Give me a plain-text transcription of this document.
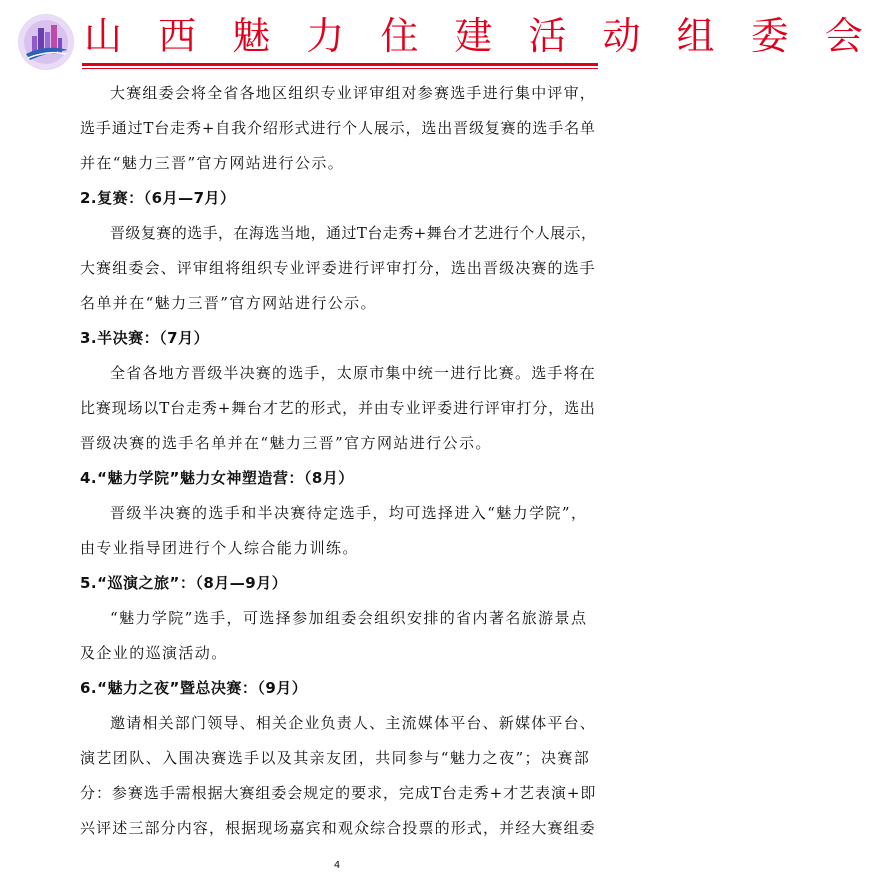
山 西 魅 力 住 建 活 动 组 委 会
大赛组委会将全省各地区组织专业评审组对参赛选手进行集中评审，
选手通过T台走秀+自我介绍形式进行个人展示，选出晋级复赛的选手名单
并在“魅力三晋”官方网站进行公示。
2.复赛：（6月—7月）
晋级复赛的选手，在海选当地，通过T台走秀+舞台才艺进行个人展示，
大赛组委会、评审组将组织专业评委进行评审打分，选出晋级决赛的选手
名单并在“魅力三晋”官方网站进行公示。
3.半决赛：（7月）
全省各地方晋级半决赛的选手，太原市集中统一进行比赛。选手将在
比赛现场以T台走秀+舞台才艺的形式，并由专业评委进行评审打分，选出
晋级决赛的选手名单并在“魅力三晋”官方网站进行公示。
4.“魅力学院”魅力女神塑造营：（8月）
晋级半决赛的选手和半决赛待定选手，均可选择进入“魅力学院”，
由专业指导团进行个人综合能力训练。
5.“巡演之旅”：（8月—9月）
“魅力学院”选手，可选择参加组委会组织安排的省内著名旅游景点
及企业的巡演活动。
6.“魅力之夜”暨总决赛：（9月）
邀请相关部门领导、相关企业负责人、主流媒体平台、新媒体平台、
演艺团队、入围决赛选手以及其亲友团，共同参与“魅力之夜”；决赛部
分：参赛选手需根据大赛组委会规定的要求，完成T台走秀+才艺表演+即
兴评述三部分内容，根据现场嘉宾和观众综合投票的形式，并经大赛组委
4
